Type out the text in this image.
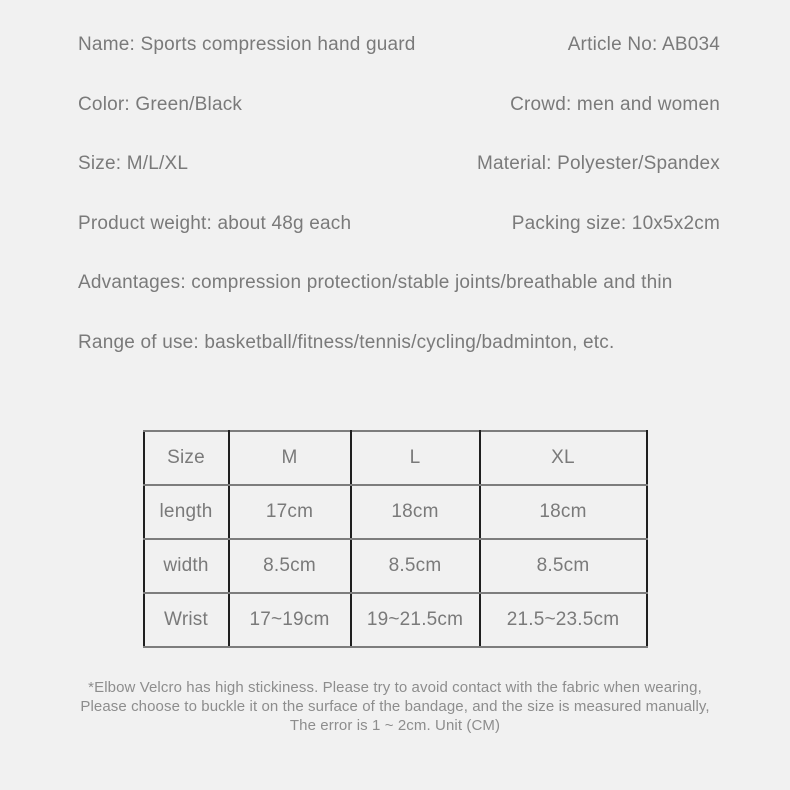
Name: Sports compression hand guard	Article No: AB034
Color: Green/Black	Crowd: men and women
Size: M/L/XL	Material: Polyester/Spandex
Product weight: about 48g each	Packing size: 10x5x2cm
Advantages: compression protection/stable joints/breathable and thin
Range of use: basketball/fitness/tennis/cycling/badminton, etc.
Size	M	L	XL
length	17cm	18cm	18cm
width	8.5cm	8.5cm	8.5cm
Wrist	17~19cm	19~21.5cm	21.5~23.5cm
*Elbow Velcro has high stickiness. Please try to avoid contact with the fabric when wearing,
Please choose to buckle it on the surface of the bandage, and the size is measured manually,
The error is 1 ~ 2cm. Unit (CM)
